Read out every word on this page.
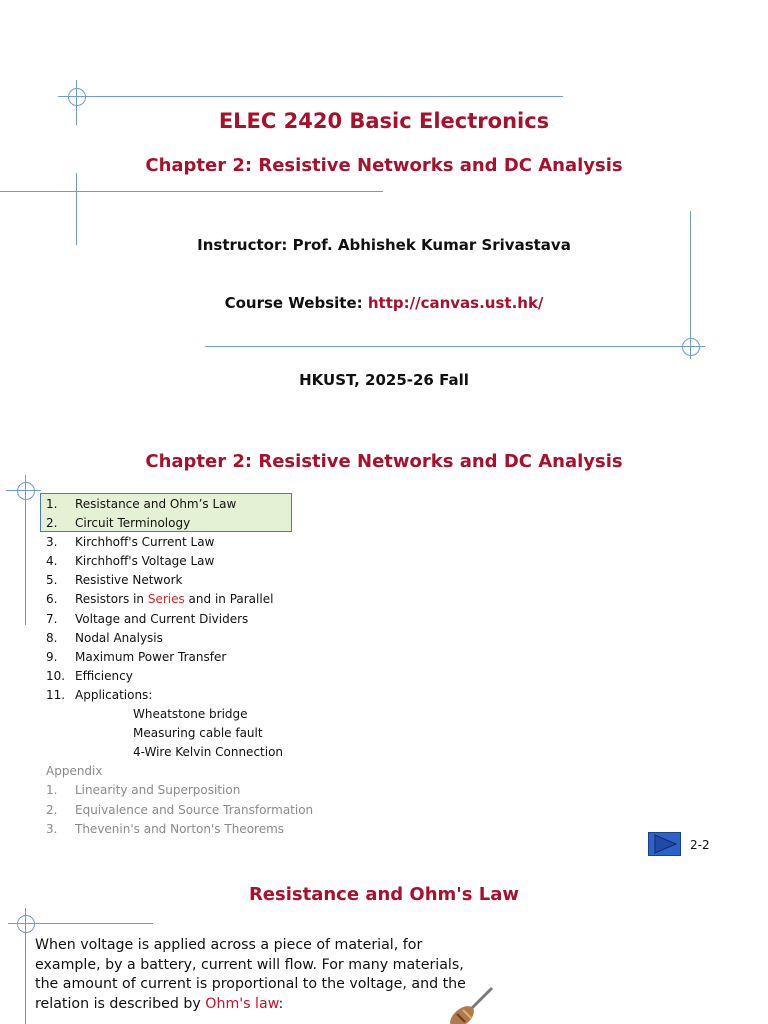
ELEC 2420 Basic Electronics
Chapter 2: Resistive Networks and DC Analysis
Instructor: Prof. Abhishek Kumar Srivastava
Course Website: http://canvas.ust.hk/
HKUST, 2025-26 Fall
Chapter 2: Resistive Networks and DC Analysis
1. Resistance and Ohm’s Law
2. Circuit Terminology
3. Kirchhoff's Current Law
4. Kirchhoff's Voltage Law
5. Resistive Network
6. Resistors in Series and in Parallel
7. Voltage and Current Dividers
8. Nodal Analysis
9. Maximum Power Transfer
10. Efficiency
11. Applications:
Wheatstone bridge
Measuring cable fault
4-Wire Kelvin Connection
Appendix
1. Linearity and Superposition
2. Equivalence and Source Transformation
3. Thevenin's and Norton's Theorems
2-2
Resistance and Ohm's Law
When voltage is applied across a piece of material, for example, by a battery, current will flow. For many materials, the amount of current is proportional to the voltage, and the relation is described by Ohm's law:
